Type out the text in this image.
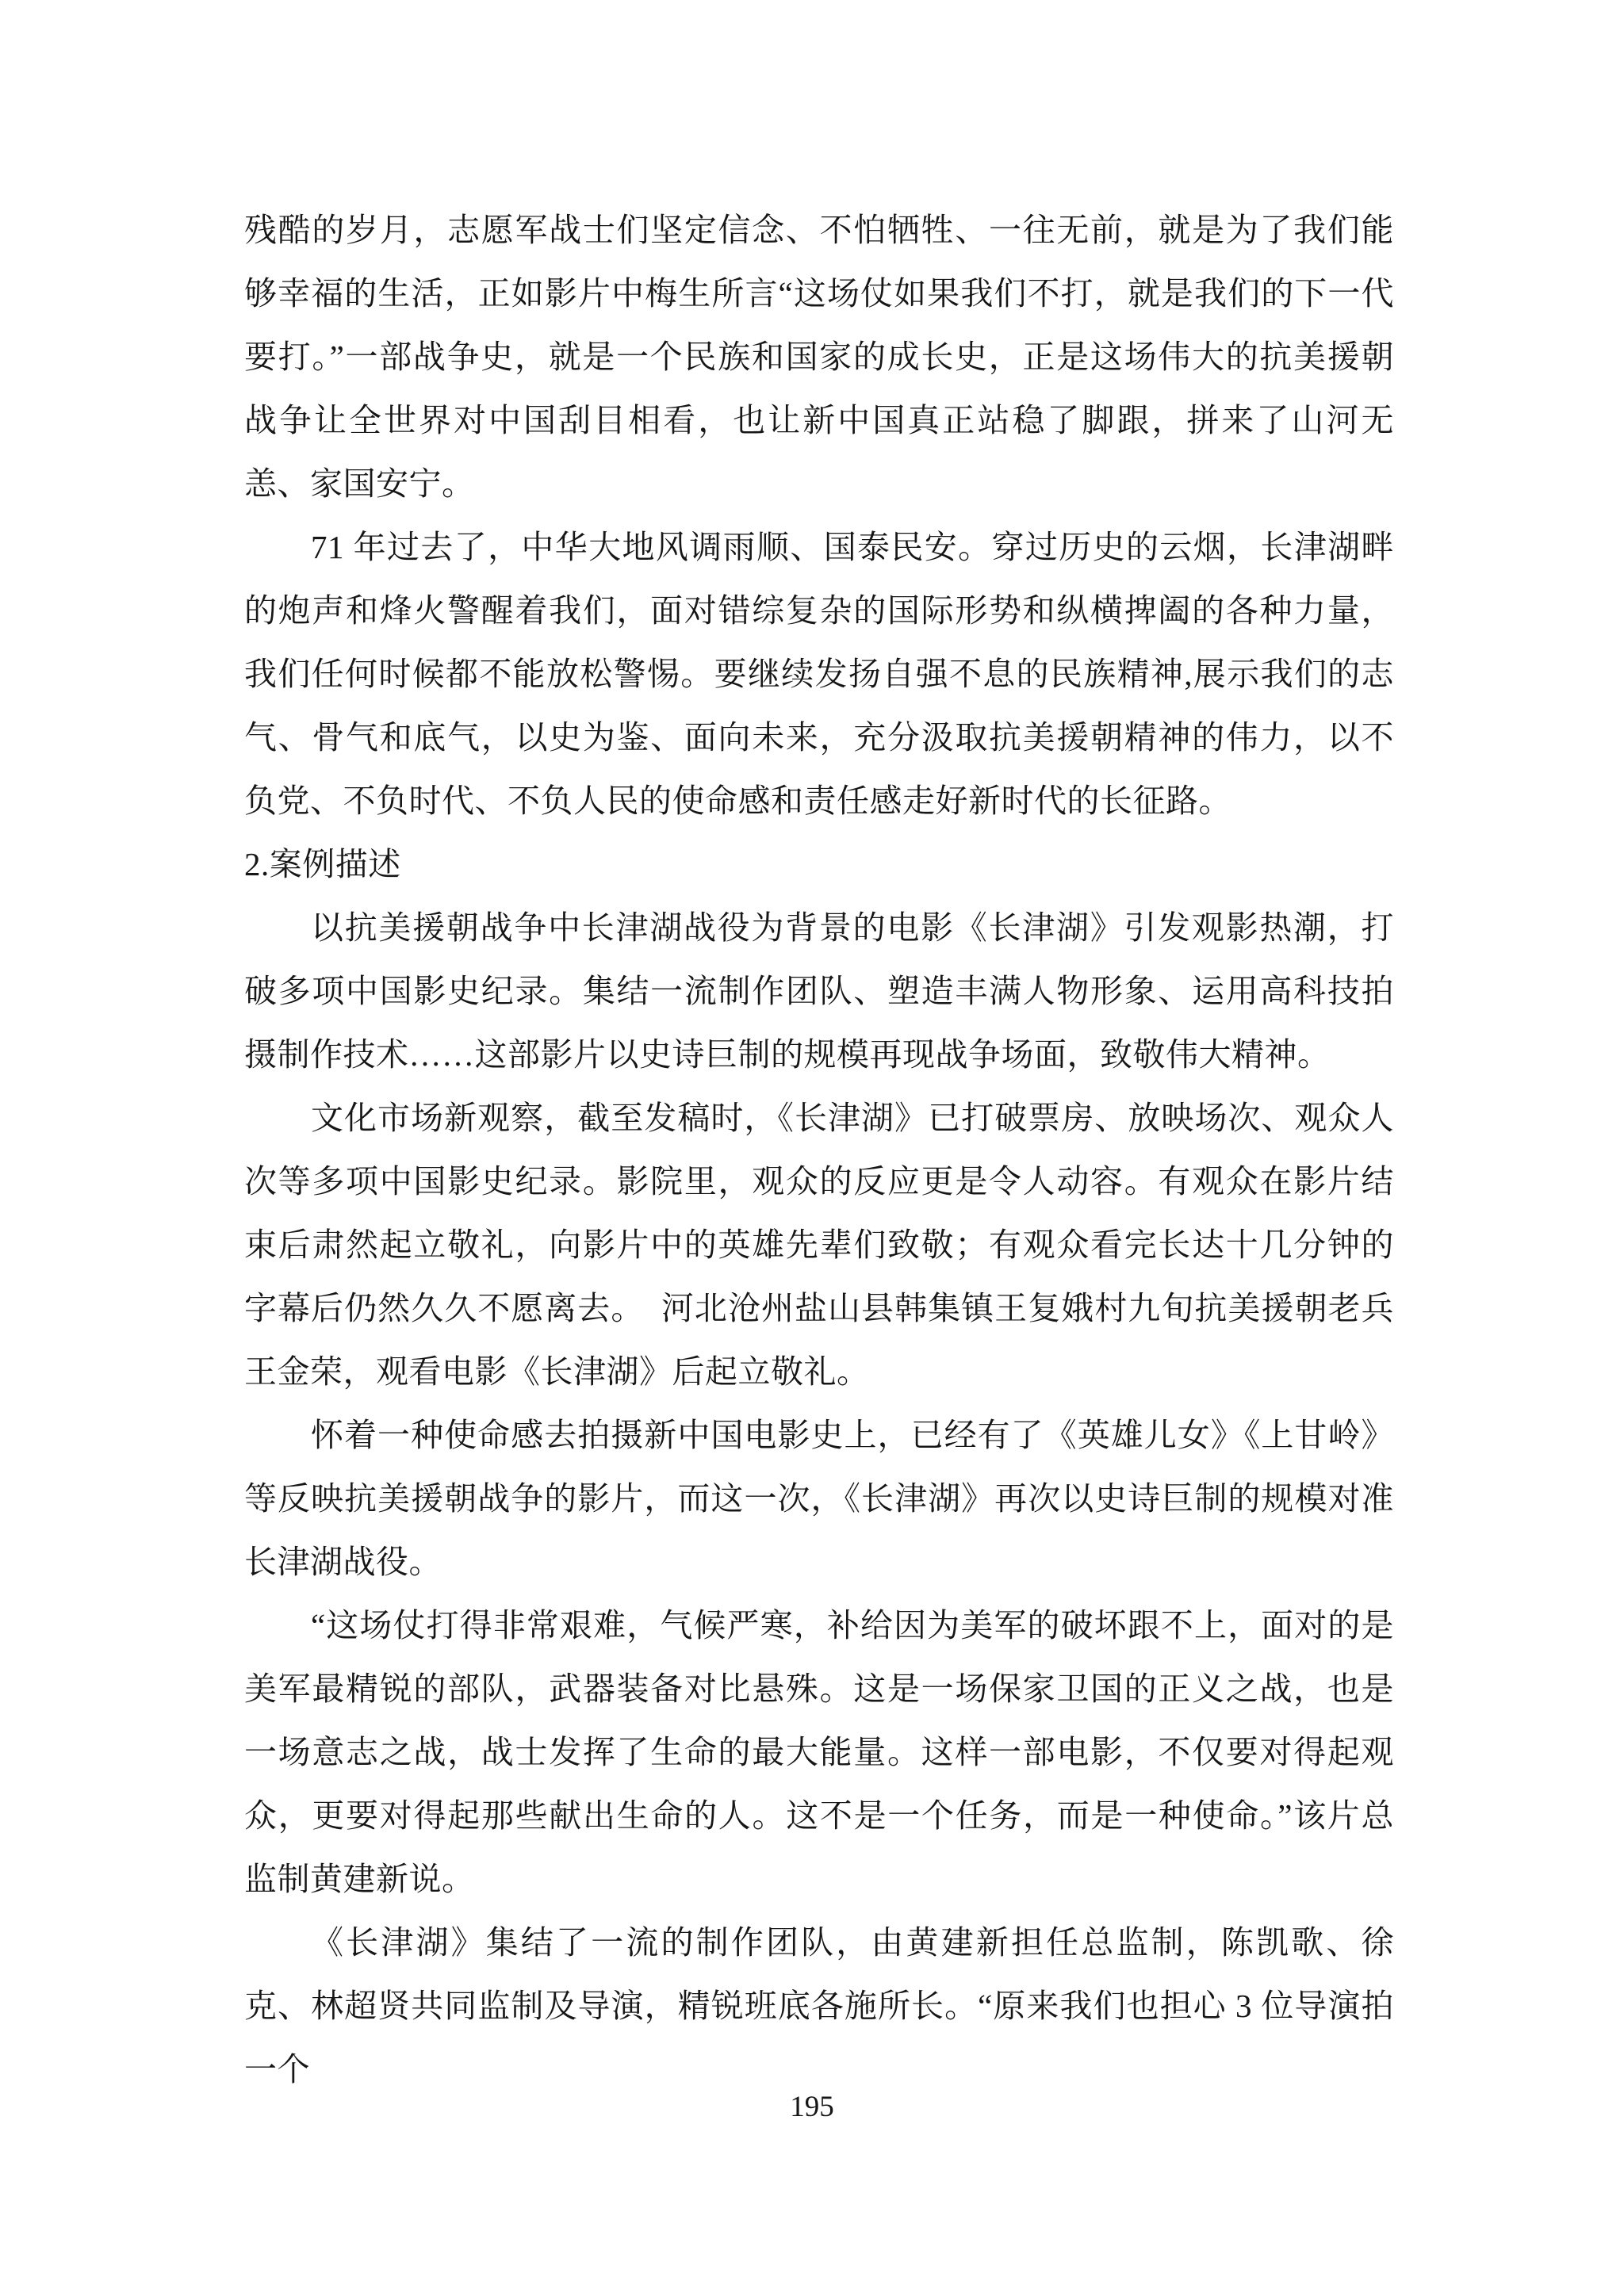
残酷的岁月，志愿军战士们坚定信念、不怕牺牲、一往无前，就是为了我们能够幸福的生活，正如影片中梅生所言“这场仗如果我们不打，就是我们的下一代要打。”一部战争史，就是一个民族和国家的成长史，正是这场伟大的抗美援朝战争让全世界对中国刮目相看，也让新中国真正站稳了脚跟，拼来了山河无恙、家国安宁。

71 年过去了，中华大地风调雨顺、国泰民安。穿过历史的云烟，长津湖畔的炮声和烽火警醒着我们，面对错综复杂的国际形势和纵横捭阖的各种力量，我们任何时候都不能放松警惕。要继续发扬自强不息的民族精神,展示我们的志气、骨气和底气，以史为鉴、面向未来，充分汲取抗美援朝精神的伟力，以不负党、不负时代、不负人民的使命感和责任感走好新时代的长征路。

2.案例描述

以抗美援朝战争中长津湖战役为背景的电影《长津湖》引发观影热潮，打破多项中国影史纪录。集结一流制作团队、塑造丰满人物形象、运用高科技拍摄制作技术……这部影片以史诗巨制的规模再现战争场面，致敬伟大精神。

文化市场新观察，截至发稿时，《长津湖》已打破票房、放映场次、观众人次等多项中国影史纪录。影院里，观众的反应更是令人动容。有观众在影片结束后肃然起立敬礼，向影片中的英雄先辈们致敬；有观众看完长达十几分钟的字幕后仍然久久不愿离去。　河北沧州盐山县韩集镇王复娥村九旬抗美援朝老兵王金荣，观看电影《长津湖》后起立敬礼。

怀着一种使命感去拍摄新中国电影史上，已经有了《英雄儿女》《上甘岭》等反映抗美援朝战争的影片，而这一次，《长津湖》再次以史诗巨制的规模对准长津湖战役。

“这场仗打得非常艰难，气候严寒，补给因为美军的破坏跟不上，面对的是美军最精锐的部队，武器装备对比悬殊。这是一场保家卫国的正义之战，也是一场意志之战，战士发挥了生命的最大能量。这样一部电影，不仅要对得起观众，更要对得起那些献出生命的人。这不是一个任务，而是一种使命。”该片总监制黄建新说。

《长津湖》集结了一流的制作团队，由黄建新担任总监制，陈凯歌、徐克、林超贤共同监制及导演，精锐班底各施所长。“原来我们也担心 3 位导演拍一个

195
